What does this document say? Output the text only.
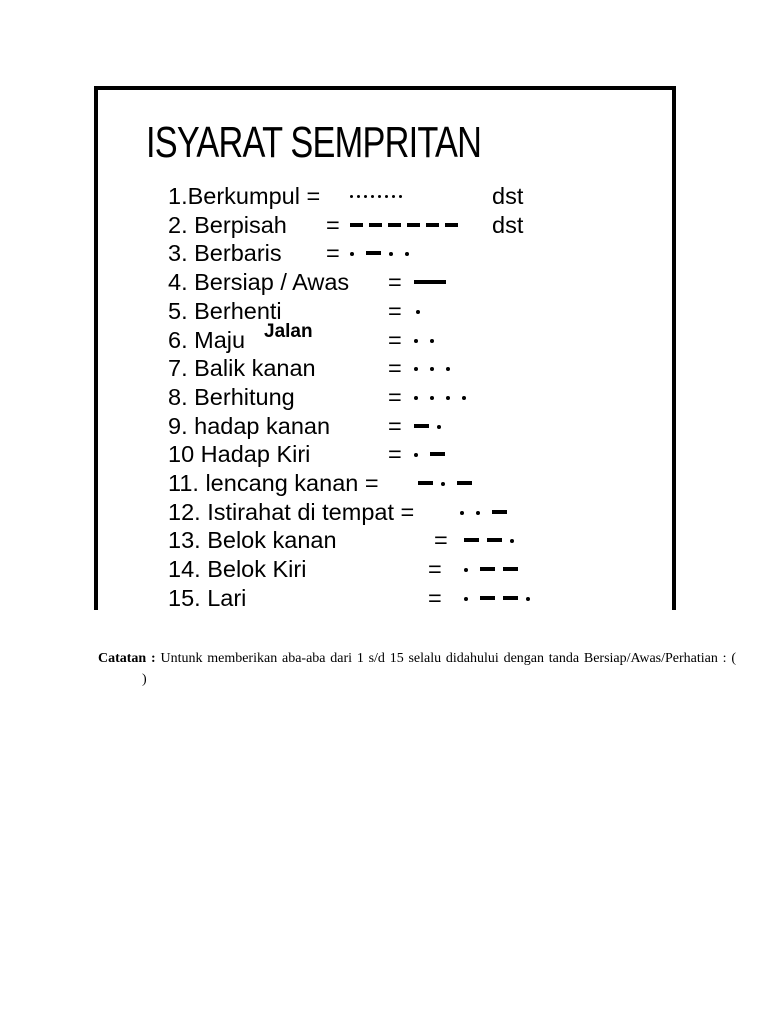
ISYARAT SEMPRITAN
1.Berkumpul =	dst
2. Berpisah =	dst
3. Berbaris =
4. Bersiap / Awas =
5. Berhenti	=
6. Maju Jalan	=
7. Balik kanan	=
8. Berhitung	=
9. hadap kanan =
10 Hadap Kiri	=
11. lencang kanan =
12. Istirahat di tempat =
13. Belok kanan	=
14. Belok Kiri	=
15. Lari	=
Catatan : Untunk memberikan aba-aba dari 1 s/d 15 selalu didahului dengan tanda Bersiap/Awas/Perhatian : ()
